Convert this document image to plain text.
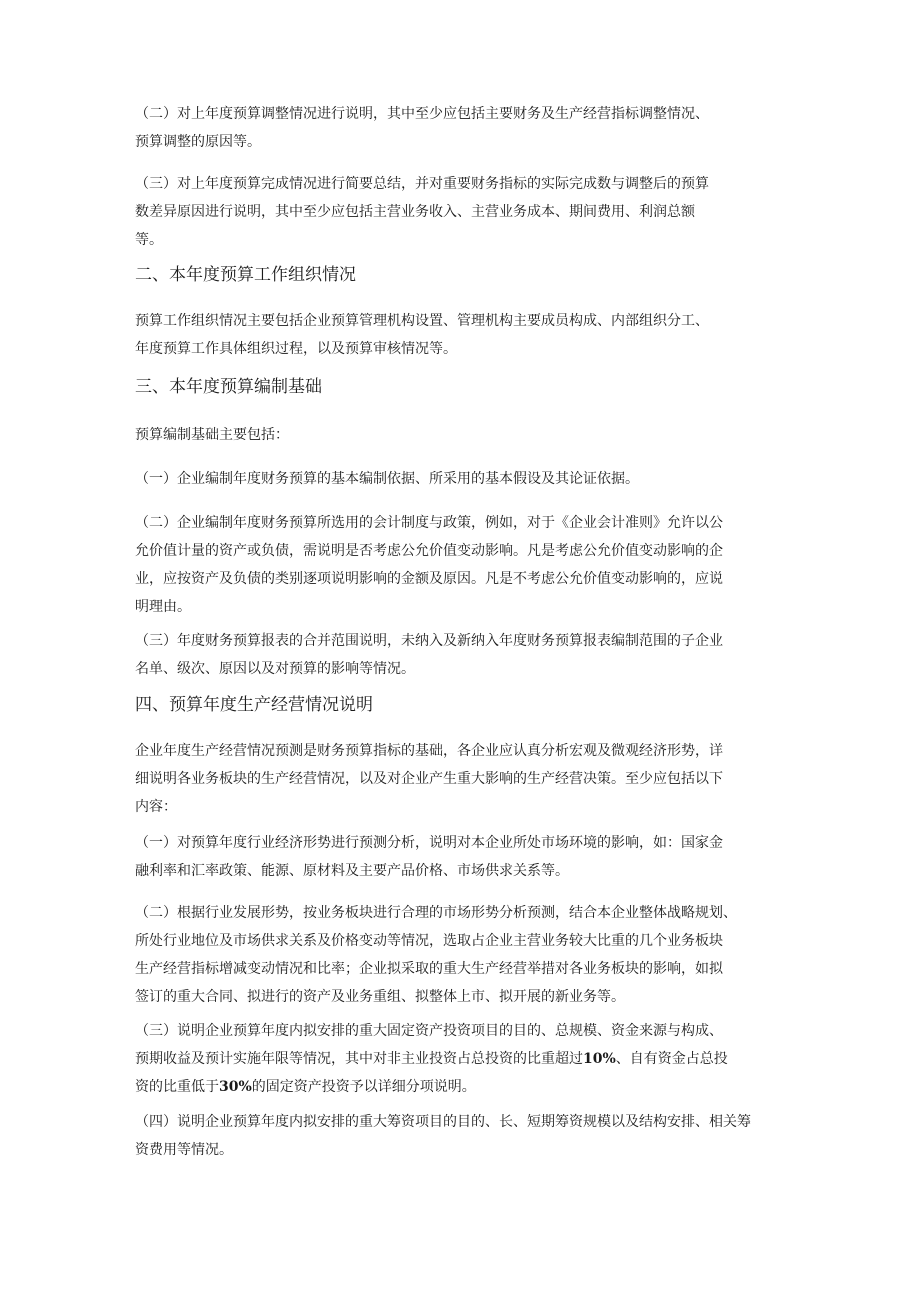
（二）对上年度预算调整情况进行说明，其中至少应包括主要财务及生产经营指标调整情况、
预算调整的原因等。

（三）对上年度预算完成情况进行简要总结，并对重要财务指标的实际完成数与调整后的预算
数差异原因进行说明，其中至少应包括主营业务收入、主营业务成本、期间费用、利润总额
等。

二、本年度预算工作组织情况

预算工作组织情况主要包括企业预算管理机构设置、管理机构主要成员构成、内部组织分工、
年度预算工作具体组织过程，以及预算审核情况等。

三、本年度预算编制基础

预算编制基础主要包括：

（一）企业编制年度财务预算的基本编制依据、所采用的基本假设及其论证依据。

（二）企业编制年度财务预算所选用的会计制度与政策，例如，对于《企业会计准则》允许以公
允价值计量的资产或负债，需说明是否考虑公允价值变动影响。凡是考虑公允价值变动影响的企
业，应按资产及负债的类别逐项说明影响的金额及原因。凡是不考虑公允价值变动影响的，应说
明理由。

（三）年度财务预算报表的合并范围说明，未纳入及新纳入年度财务预算报表编制范围的子企业
名单、级次、原因以及对预算的影响等情况。

四、预算年度生产经营情况说明

企业年度生产经营情况预测是财务预算指标的基础，各企业应认真分析宏观及微观经济形势，详
细说明各业务板块的生产经营情况，以及对企业产生重大影响的生产经营决策。至少应包括以下
内容：

（一）对预算年度行业经济形势进行预测分析，说明对本企业所处市场环境的影响，如：国家金
融利率和汇率政策、能源、原材料及主要产品价格、市场供求关系等。

（二）根据行业发展形势，按业务板块进行合理的市场形势分析预测，结合本企业整体战略规划、
所处行业地位及市场供求关系及价格变动等情况，选取占企业主营业务较大比重的几个业务板块
生产经营指标增减变动情况和比率；企业拟采取的重大生产经营举措对各业务板块的影响，如拟
签订的重大合同、拟进行的资产及业务重组、拟整体上市、拟开展的新业务等。

（三）说明企业预算年度内拟安排的重大固定资产投资项目的目的、总规模、资金来源与构成、
预期收益及预计实施年限等情况，其中对非主业投资占总投资的比重超过10%、自有资金占总投
资的比重低于30%的固定资产投资予以详细分项说明。

（四）说明企业预算年度内拟安排的重大筹资项目的目的、长、短期筹资规模以及结构安排、相关筹
资费用等情况。
